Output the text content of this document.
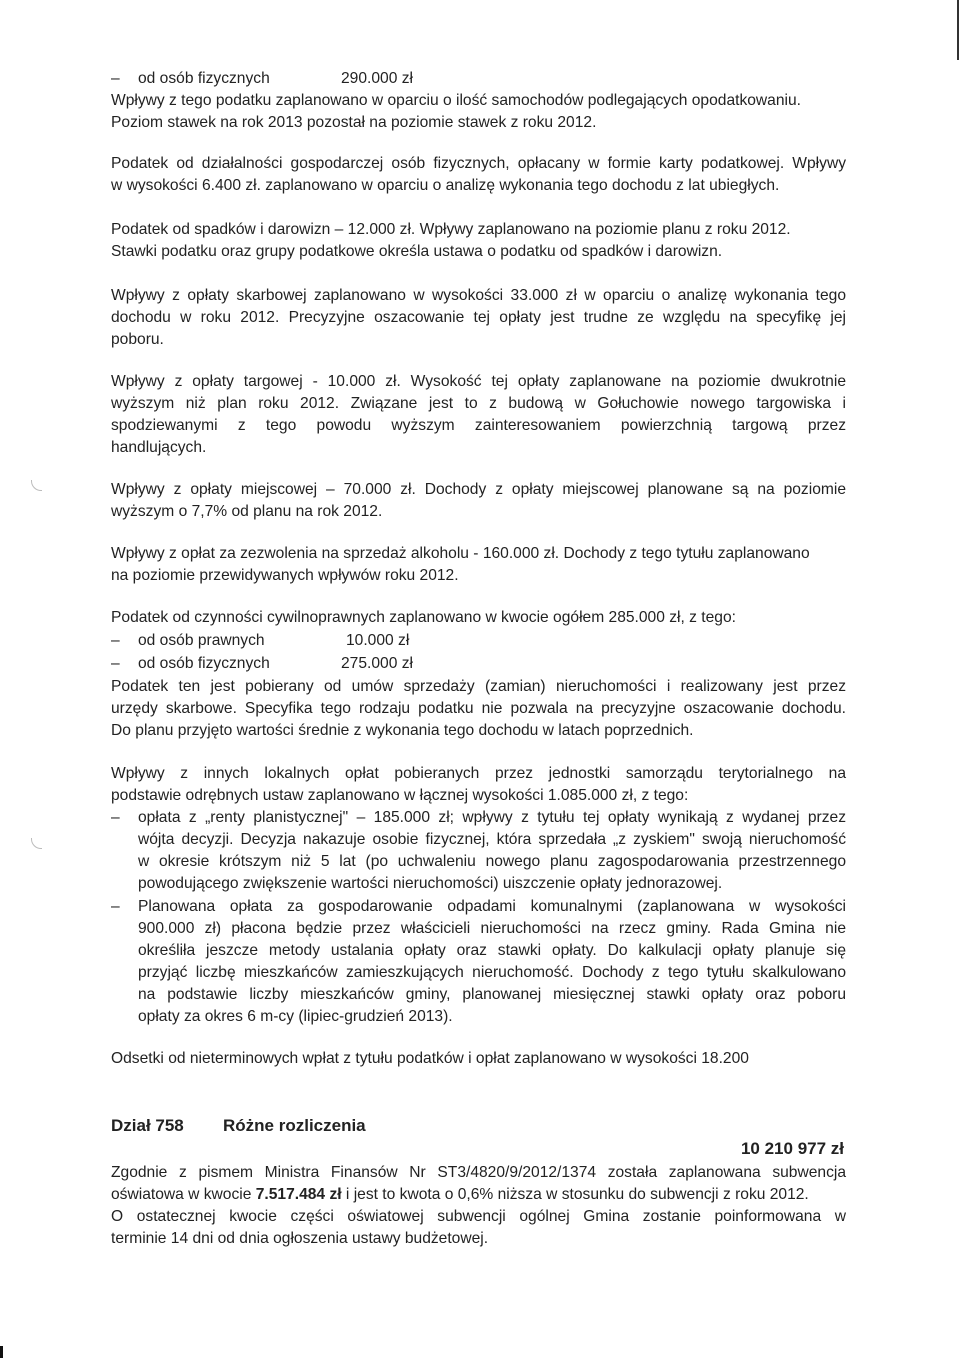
– od osób fizycznych	290.000 zł

Wpływy z tego podatku zaplanowano w oparciu o ilość samochodów podlegających opodatkowaniu.

Poziom stawek na rok 2013 pozostał na poziomie stawek z roku 2012.

Podatek od działalności gospodarczej osób fizycznych, opłacany w formie karty podatkowej. Wpływy

w wysokości 6.400 zł. zaplanowano w oparciu o analizę wykonania tego dochodu z lat ubiegłych.

Podatek od spadków i darowizn – 12.000 zł. Wpływy zaplanowano na poziomie planu z roku 2012.

Stawki podatku oraz grupy podatkowe określa ustawa o podatku od spadków i darowizn.

Wpływy z opłaty skarbowej zaplanowano w wysokości 33.000 zł w oparciu o analizę wykonania tego

dochodu w roku 2012. Precyzyjne oszacowanie tej opłaty jest trudne ze względu na specyfikę jej

poboru.

Wpływy z opłaty targowej - 10.000 zł. Wysokość tej opłaty zaplanowane na poziomie dwukrotnie

wyższym niż plan roku 2012. Związane jest to z budową w Gołuchowie nowego targowiska i

spodziewanymi z tego powodu wyższym zainteresowaniem powierzchnią targową przez

handlujących.

Wpływy z opłaty miejscowej – 70.000 zł. Dochody z opłaty miejscowej planowane są na poziomie

wyższym o 7,7% od planu na rok 2012.

Wpływy z opłat za zezwolenia na sprzedaż alkoholu - 160.000 zł. Dochody z tego tytułu zaplanowano

na poziomie przewidywanych wpływów roku 2012.

Podatek od czynności cywilnoprawnych zaplanowano w kwocie ogółem 285.000 zł, z tego:

– od osób prawnych	10.000 zł

– od osób fizycznych	275.000 zł

Podatek ten jest pobierany od umów sprzedaży (zamian) nieruchomości i realizowany jest przez

urzędy skarbowe. Specyfika tego rodzaju podatku nie pozwala na precyzyjne oszacowanie dochodu.

Do planu przyjęto wartości średnie z wykonania tego dochodu w latach poprzednich.

Wpływy z innych lokalnych opłat pobieranych przez jednostki samorządu terytorialnego na

podstawie odrębnych ustaw zaplanowano w łącznej wysokości 1.085.000 zł, z tego:

– opłata z „renty planistycznej" – 185.000 zł; wpływy z tytułu tej opłaty wynikają z wydanej przez

wójta decyzji. Decyzja nakazuje osobie fizycznej, która sprzedała „z zyskiem" swoją nieruchomość

w okresie krótszym niż 5 lat (po uchwaleniu nowego planu zagospodarowania przestrzennego

powodującego zwiększenie wartości nieruchomości) uiszczenie opłaty jednorazowej.

– Planowana opłata za gospodarowanie odpadami komunalnymi (zaplanowana w wysokości

900.000 zł) płacona będzie przez właścicieli nieruchomości na rzecz gminy. Rada Gmina nie

określiła jeszcze metody ustalania opłaty oraz stawki opłaty. Do kalkulacji opłaty planuje się

przyjąć liczbę mieszkańców zamieszkujących nieruchomość. Dochody z tego tytułu skalkulowano

na podstawie liczby mieszkańców gminy, planowanej miesięcznej stawki opłaty oraz poboru

opłaty za okres 6 m-cy (lipiec-grudzień 2013).

Odsetki od nieterminowych wpłat z tytułu podatków i opłat zaplanowano w wysokości 18.200

Dział 758 Różne rozliczenia

10 210 977 zł

Zgodnie z pismem Ministra Finansów Nr ST3/4820/9/2012/1374 została zaplanowana subwencja

oświatowa w kwocie 7.517.484 zł i jest to kwota o 0,6% niższa w stosunku do subwencji z roku 2012.

O ostatecznej kwocie części oświatowej subwencji ogólnej Gmina zostanie poinformowana w

terminie 14 dni od dnia ogłoszenia ustawy budżetowej.
